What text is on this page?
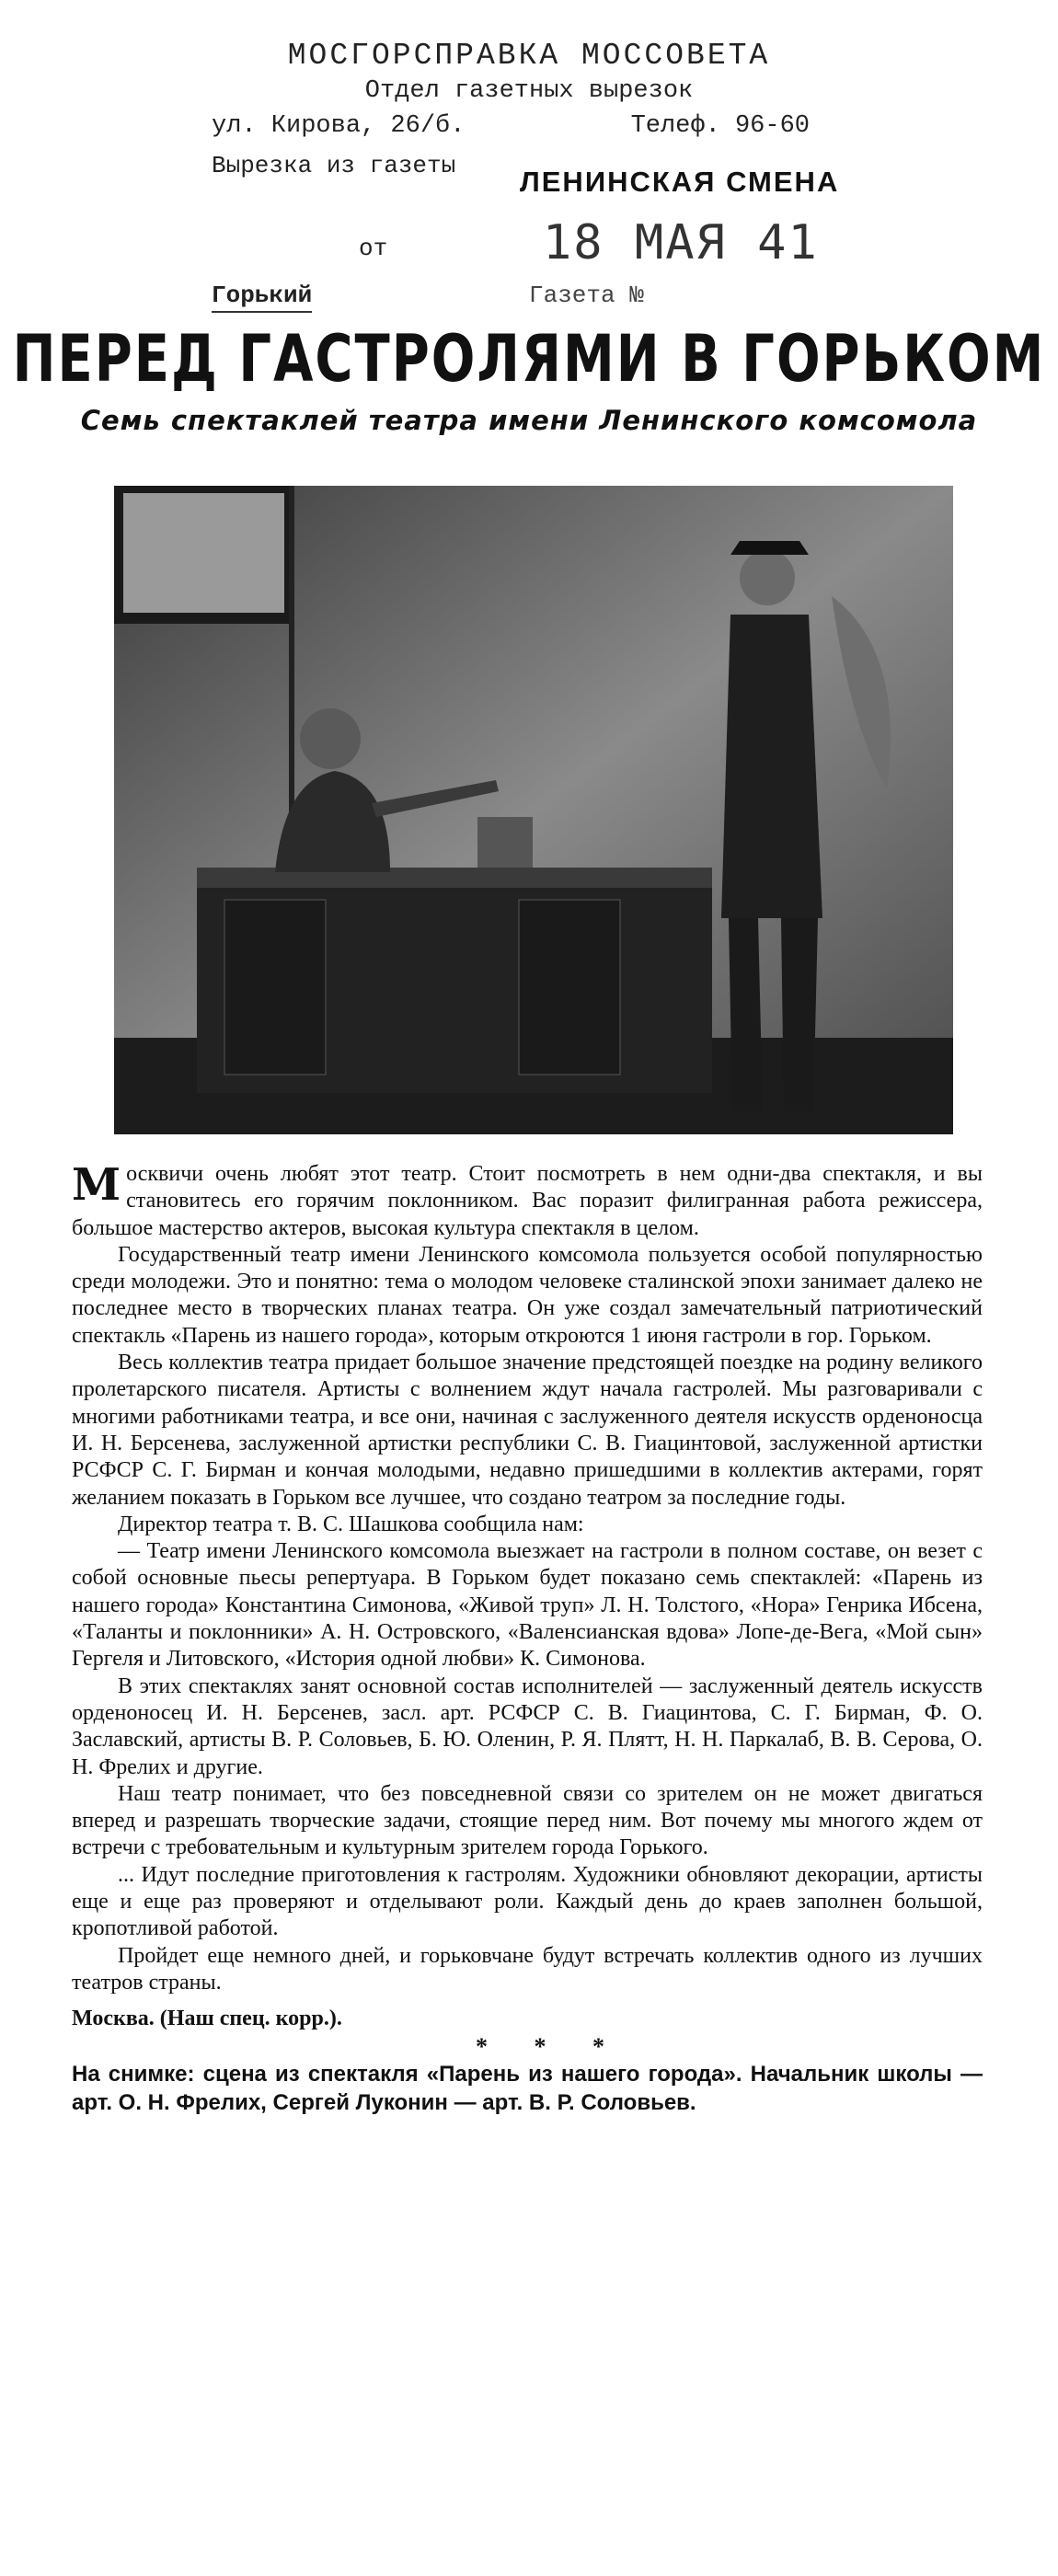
МОСГОРСПРАВКА МОССОВЕТА
Отдел газетных вырезок
ул. Кирова, 26/б.	Телеф. 96-60
Вырезка из газеты ЛЕНИНСКАЯ СМЕНА
от	18 МАЯ 41
Горький	Газета №
ПЕРЕД ГАСТРОЛЯМИ В ГОРЬКОМ
Семь спектаклей театра имени Ленинского комсомола

Москвичи очень любят этот театр. Стоит посмотреть в нем одни-два спектакля, и вы становитесь его горячим поклонником. Вас поразит филигранная работа режиссера, большое мастерство актеров, высокая культура спектакля в целом.

Государственный театр имени Ленинского комсомола пользуется особой популярностью среди молодежи. Это и понятно: тема о молодом человеке сталинской эпохи занимает далеко не последнее место в творческих планах театра. Он уже создал замечательный патриотический спектакль «Парень из нашего города», которым откроются 1 июня гастроли в гор. Горьком.

Весь коллектив театра придает большое значение предстоящей поездке на родину великого пролетарского писателя. Артисты с волнением ждут начала гастролей. Мы разговаривали с многими работниками театра, и все они, начиная с заслуженного деятеля искусств орденоносца И. Н. Берсенева, заслуженной артистки республики С. В. Гиацинтовой, заслуженной артистки РСФСР С. Г. Бирман и кончая молодыми, недавно пришедшими в коллектив актерами, горят желанием показать в Горьком все лучшее, что создано театром за последние годы.

Директор театра т. В. С. Шашкова сообщила нам:

— Театр имени Ленинского комсомола выезжает на гастроли в полном составе, он везет с собой основные пьесы репертуара. В Горьком будет показано семь спектаклей: «Парень из нашего города» Константина Симонова, «Живой труп» Л. Н. Толстого, «Нора» Генрика Ибсена, «Таланты и поклонники» А. Н. Островского, «Валенсианская вдова» Лопе-де-Вега, «Мой сын» Гергеля и Литовского, «История одной любви» К. Симонова.

В этих спектаклях занят основной состав исполнителей — заслуженный деятель искусств орденоносец И. Н. Берсенев, засл. арт. РСФСР С. В. Гиацинтова, С. Г. Бирман, Ф. О. Заславский, артисты В. Р. Соловьев, Б. Ю. Оленин, Р. Я. Плятт, Н. Н. Паркалаб, В. В. Серова, О. Н. Фрелих и другие.

Наш театр понимает, что без повседневной связи со зрителем он не может двигаться вперед и разрешать творческие задачи, стоящие перед ним. Вот почему мы многого ждем от встречи с требовательным и культурным зрителем города Горького.

... Идут последние приготовления к гастролям. Художники обновляют декорации, артисты еще и еще раз проверяют и отделывают роли. Каждый день до краев заполнен большой, кропотливой работой.

Пройдет еще немного дней, и горьковчане будут встречать коллектив одного из лучших театров страны.

Москва. (Наш спец. корр.).

* * *

На снимке: сцена из спектакля «Парень из нашего города». Начальник школы — арт. О. Н. Фрелих, Сергей Луконин — арт. В. Р. Соловьев.
